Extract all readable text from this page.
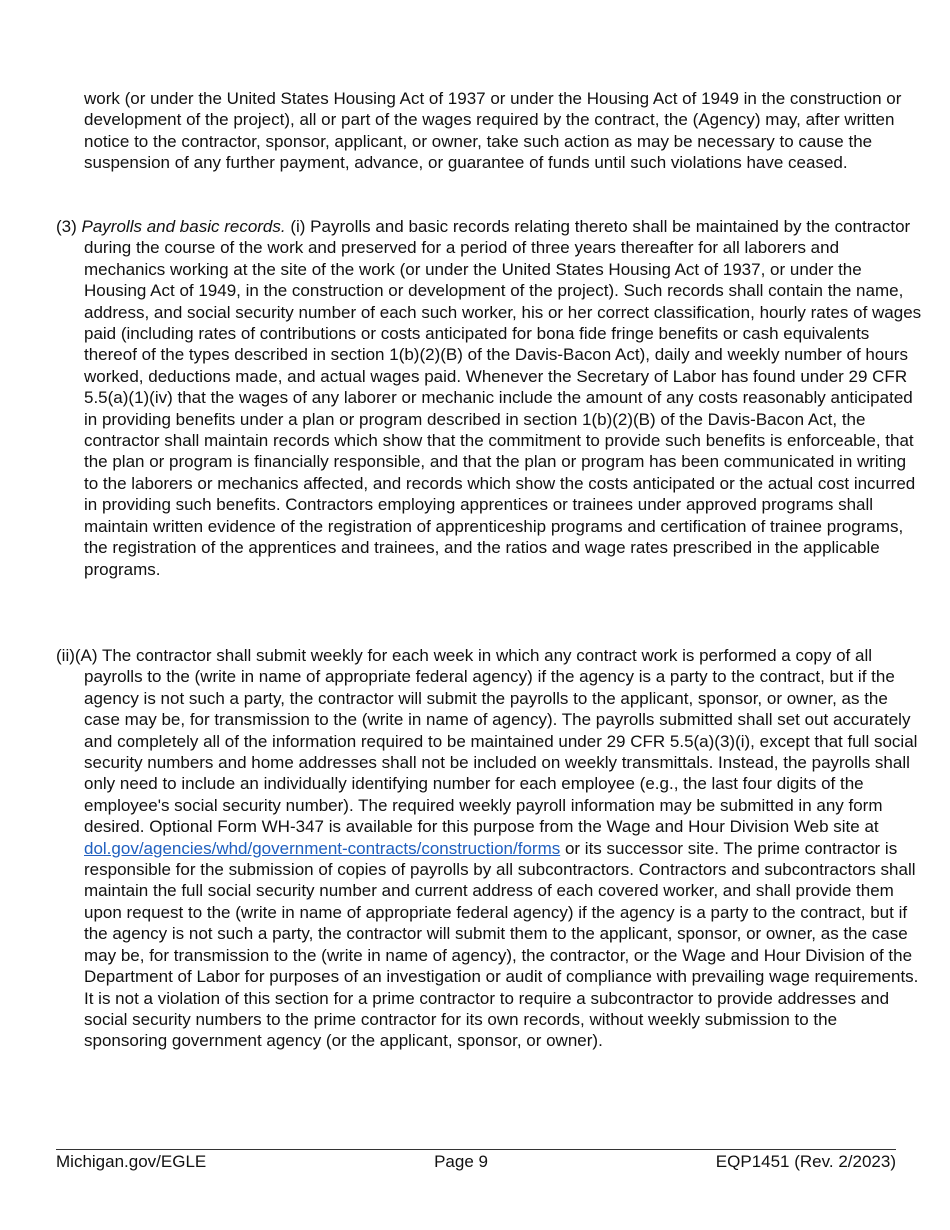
work (or under the United States Housing Act of 1937 or under the Housing Act of 1949 in the construction or development of the project), all or part of the wages required by the contract, the (Agency) may, after written notice to the contractor, sponsor, applicant, or owner, take such action as may be necessary to cause the suspension of any further payment, advance, or guarantee of funds until such violations have ceased.

(3) Payrolls and basic records. (i) Payrolls and basic records relating thereto shall be maintained by the contractor during the course of the work and preserved for a period of three years thereafter for all laborers and mechanics working at the site of the work (or under the United States Housing Act of 1937, or under the Housing Act of 1949, in the construction or development of the project). Such records shall contain the name, address, and social security number of each such worker, his or her correct classification, hourly rates of wages paid (including rates of contributions or costs anticipated for bona fide fringe benefits or cash equivalents thereof of the types described in section 1(b)(2)(B) of the Davis-Bacon Act), daily and weekly number of hours worked, deductions made, and actual wages paid. Whenever the Secretary of Labor has found under 29 CFR 5.5(a)(1)(iv) that the wages of any laborer or mechanic include the amount of any costs reasonably anticipated in providing benefits under a plan or program described in section 1(b)(2)(B) of the Davis-Bacon Act, the contractor shall maintain records which show that the commitment to provide such benefits is enforceable, that the plan or program is financially responsible, and that the plan or program has been communicated in writing to the laborers or mechanics affected, and records which show the costs anticipated or the actual cost incurred in providing such benefits. Contractors employing apprentices or trainees under approved programs shall maintain written evidence of the registration of apprenticeship programs and certification of trainee programs, the registration of the apprentices and trainees, and the ratios and wage rates prescribed in the applicable programs.

(ii)(A) The contractor shall submit weekly for each week in which any contract work is performed a copy of all payrolls to the (write in name of appropriate federal agency) if the agency is a party to the contract, but if the agency is not such a party, the contractor will submit the payrolls to the applicant, sponsor, or owner, as the case may be, for transmission to the (write in name of agency). The payrolls submitted shall set out accurately and completely all of the information required to be maintained under 29 CFR 5.5(a)(3)(i), except that full social security numbers and home addresses shall not be included on weekly transmittals. Instead, the payrolls shall only need to include an individually identifying number for each employee (e.g., the last four digits of the employee's social security number). The required weekly payroll information may be submitted in any form desired. Optional Form WH-347 is available for this purpose from the Wage and Hour Division Web site at dol.gov/agencies/whd/government-contracts/construction/forms or its successor site. The prime contractor is responsible for the submission of copies of payrolls by all subcontractors. Contractors and subcontractors shall maintain the full social security number and current address of each covered worker, and shall provide them upon request to the (write in name of appropriate federal agency) if the agency is a party to the contract, but if the agency is not such a party, the contractor will submit them to the applicant, sponsor, or owner, as the case may be, for transmission to the (write in name of agency), the contractor, or the Wage and Hour Division of the Department of Labor for purposes of an investigation or audit of compliance with prevailing wage requirements. It is not a violation of this section for a prime contractor to require a subcontractor to provide addresses and social security numbers to the prime contractor for its own records, without weekly submission to the sponsoring government agency (or the applicant, sponsor, or owner).

Michigan.gov/EGLE	Page 9	EQP1451 (Rev. 2/2023)
